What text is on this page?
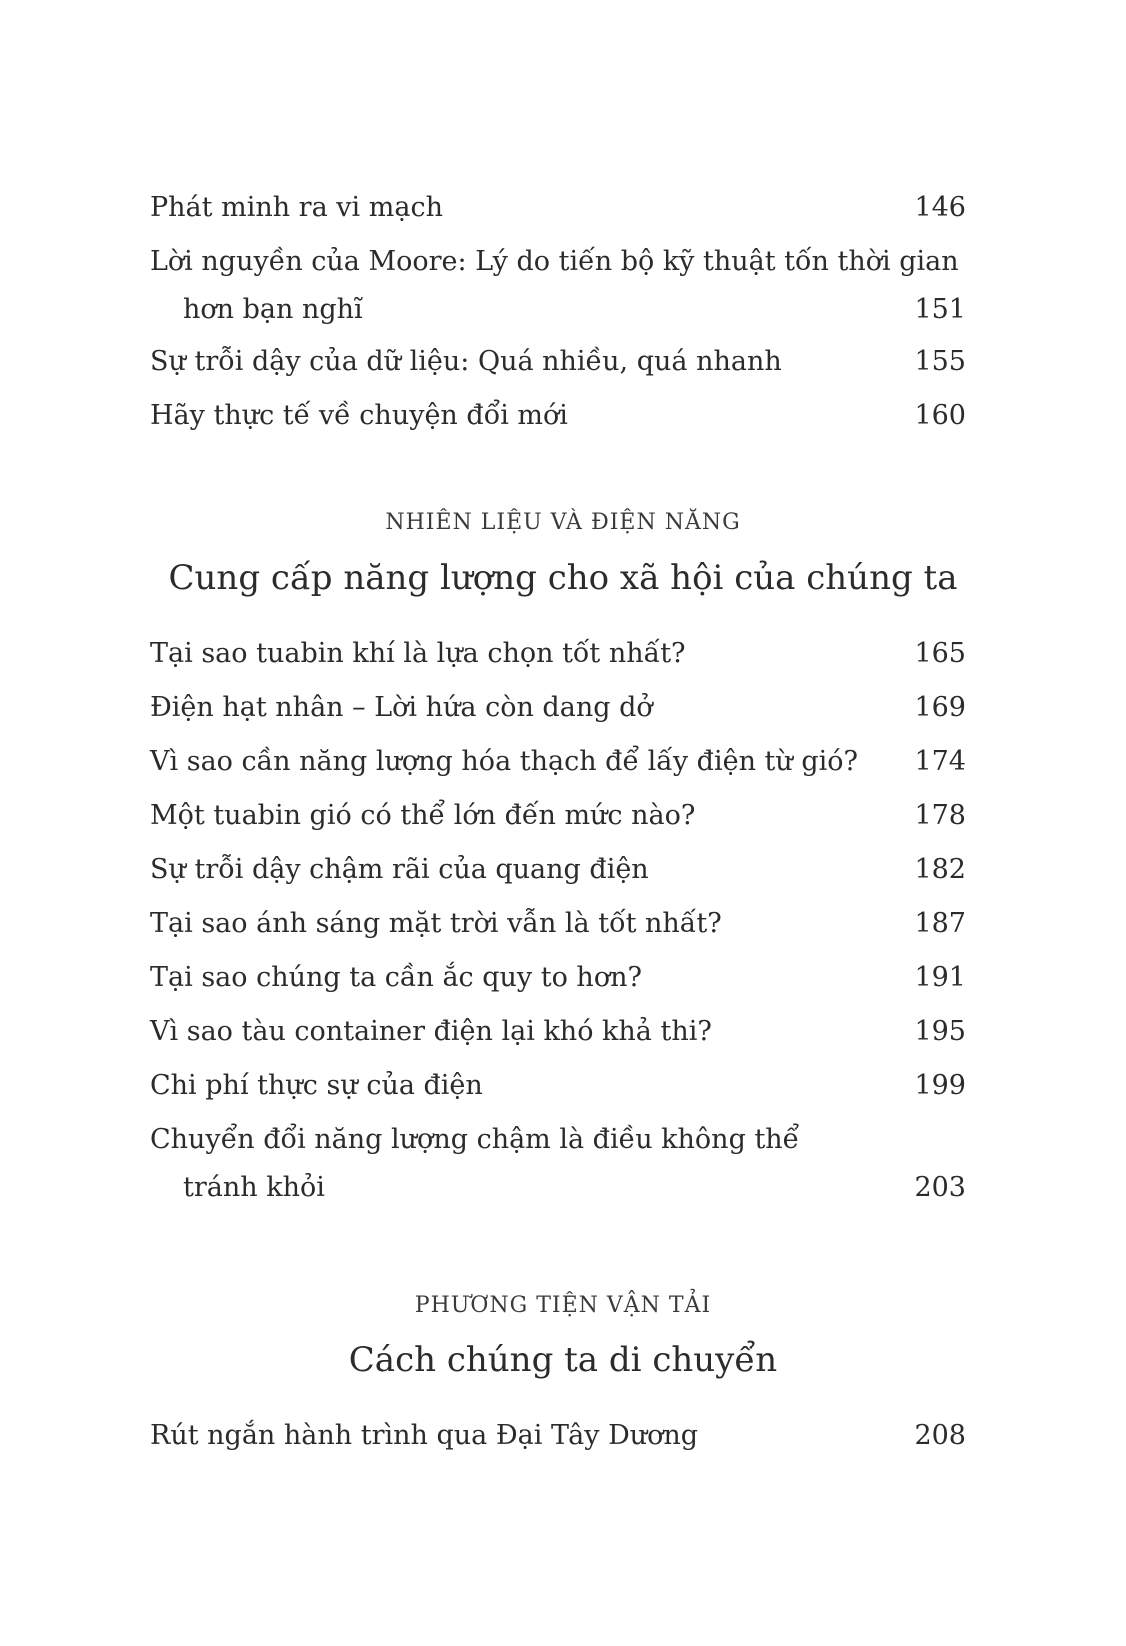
Phát minh ra vi mạch	146
Lời nguyền của Moore: Lý do tiến bộ kỹ thuật tốn thời gian hơn bạn nghĩ	151
Sự trỗi dậy của dữ liệu: Quá nhiều, quá nhanh	155
Hãy thực tế về chuyện đổi mới	160
NHIÊN LIỆU VÀ ĐIỆN NĂNG
Cung cấp năng lượng cho xã hội của chúng ta
Tại sao tuabin khí là lựa chọn tốt nhất?	165
Điện hạt nhân – Lời hứa còn dang dở	169
Vì sao cần năng lượng hóa thạch để lấy điện từ gió?	174
Một tuabin gió có thể lớn đến mức nào?	178
Sự trỗi dậy chậm rãi của quang điện	182
Tại sao ánh sáng mặt trời vẫn là tốt nhất?	187
Tại sao chúng ta cần ắc quy to hơn?	191
Vì sao tàu container điện lại khó khả thi?	195
Chi phí thực sự của điện	199
Chuyển đổi năng lượng chậm là điều không thể tránh khỏi	203
PHƯƠNG TIỆN VẬN TẢI
Cách chúng ta di chuyển
Rút ngắn hành trình qua Đại Tây Dương	208
